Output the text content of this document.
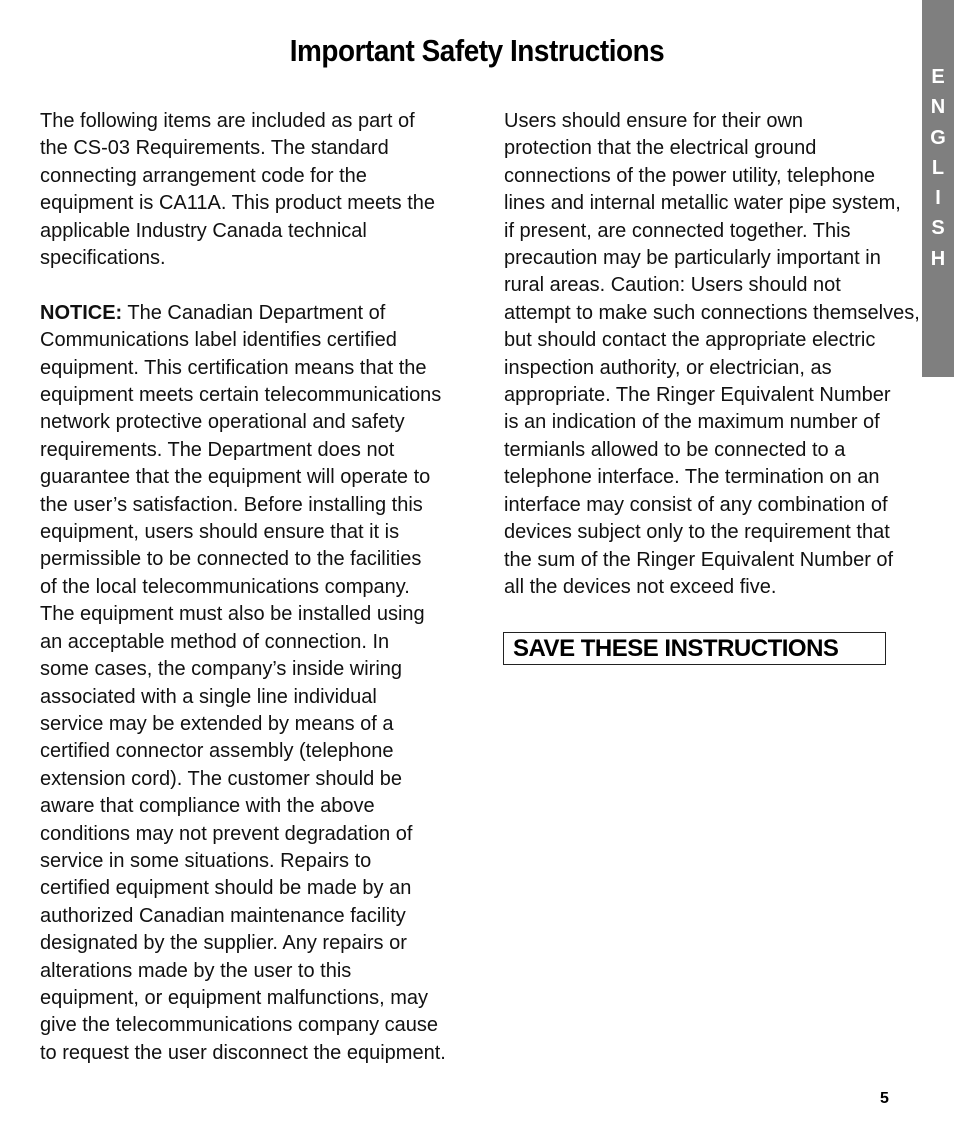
Important Safety Instructions
E
N
G
L
I
S
H

The following items are included as part of
the CS-03 Requirements. The standard
connecting arrangement code for the
equipment is CA11A. This product meets the
applicable Industry Canada technical
specifications.

NOTICE: The Canadian Department of
Communications label identifies certified
equipment. This certification means that the
equipment meets certain telecommunications
network protective operational and safety
requirements. The Department does not
guarantee that the equipment will operate to
the user’s satisfaction. Before installing this
equipment, users should ensure that it is
permissible to be connected to the facilities
of the local telecommunications company.
The equipment must also be installed using
an acceptable method of connection. In
some cases, the company’s inside wiring
associated with a single line individual
service may be extended by means of a
certified connector assembly (telephone
extension cord). The customer should be
aware that compliance with the above
conditions may not prevent degradation of
service in some situations. Repairs to
certified equipment should be made by an
authorized Canadian maintenance facility
designated by the supplier. Any repairs or
alterations made by the user to this
equipment, or equipment malfunctions, may
give the telecommunications company cause
to request the user disconnect the equipment.

Users should ensure for their own
protection that the electrical ground
connections of the power utility, telephone
lines and internal metallic water pipe system,
if present, are connected together. This
precaution may be particularly important in
rural areas. Caution: Users should not
attempt to make such connections themselves,
but should contact the appropriate electric
inspection authority, or electrician, as
appropriate. The Ringer Equivalent Number
is an indication of the maximum number of
termianls allowed to be connected to a
telephone interface. The termination on an
interface may consist of any combination of
devices subject only to the requirement that
the sum of the Ringer Equivalent Number of
all the devices not exceed five.

SAVE THESE INSTRUCTIONS
5
